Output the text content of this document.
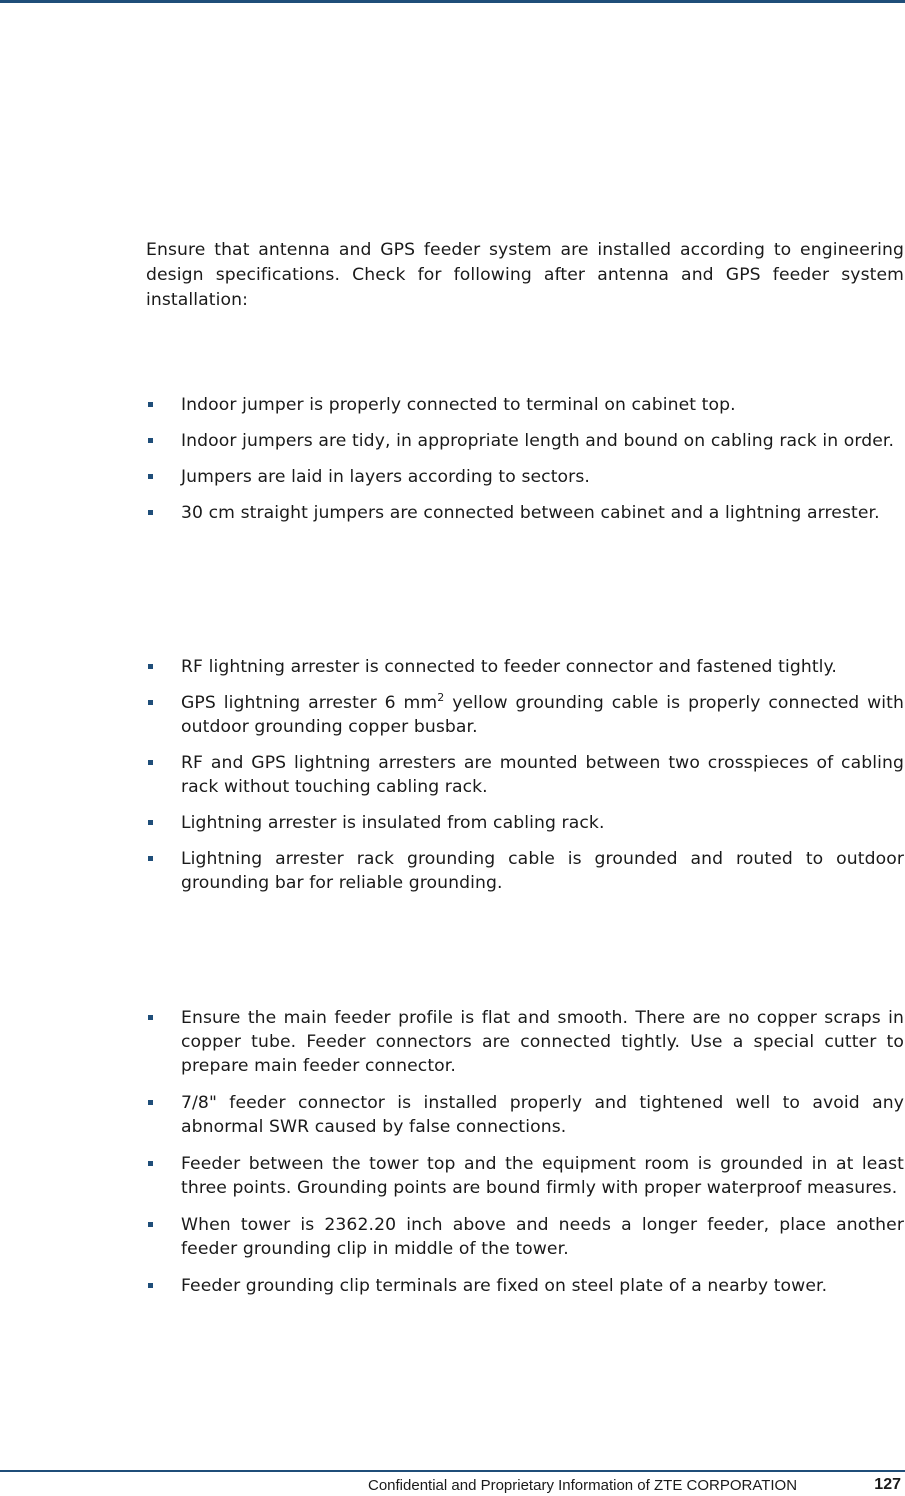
Ensure that antenna and GPS feeder system are installed according to engineering design specifications. Check for following after antenna and GPS feeder system installation:

Indoor jumper is properly connected to terminal on cabinet top.
Indoor jumpers are tidy, in appropriate length and bound on cabling rack in order.
Jumpers are laid in layers according to sectors.
30 cm straight jumpers are connected between cabinet and a lightning arrester.
RF lightning arrester is connected to feeder connector and fastened tightly.
GPS lightning arrester 6 $mm^2$ yellow grounding cable is properly connected with outdoor grounding copper busbar.
RF and GPS lightning arresters are mounted between two crosspieces of cabling rack without touching cabling rack.
Lightning arrester is insulated from cabling rack.
Lightning arrester rack grounding cable is grounded and routed to outdoor grounding bar for reliable grounding.
Ensure the main feeder profile is flat and smooth. There are no copper scraps in copper tube. Feeder connectors are connected tightly. Use a special cutter to prepare main feeder connector.
7/8" feeder connector is installed properly and tightened well to avoid any abnormal SWR caused by false connections.
Feeder between the tower top and the equipment room is grounded in at least three points. Grounding points are bound firmly with proper waterproof measures.
When tower is 2362.20 inch above and needs a longer feeder, place another feeder grounding clip in middle of the tower.
Feeder grounding clip terminals are fixed on steel plate of a nearby tower.
Confidential and Proprietary Information of ZTE CORPORATION	127
